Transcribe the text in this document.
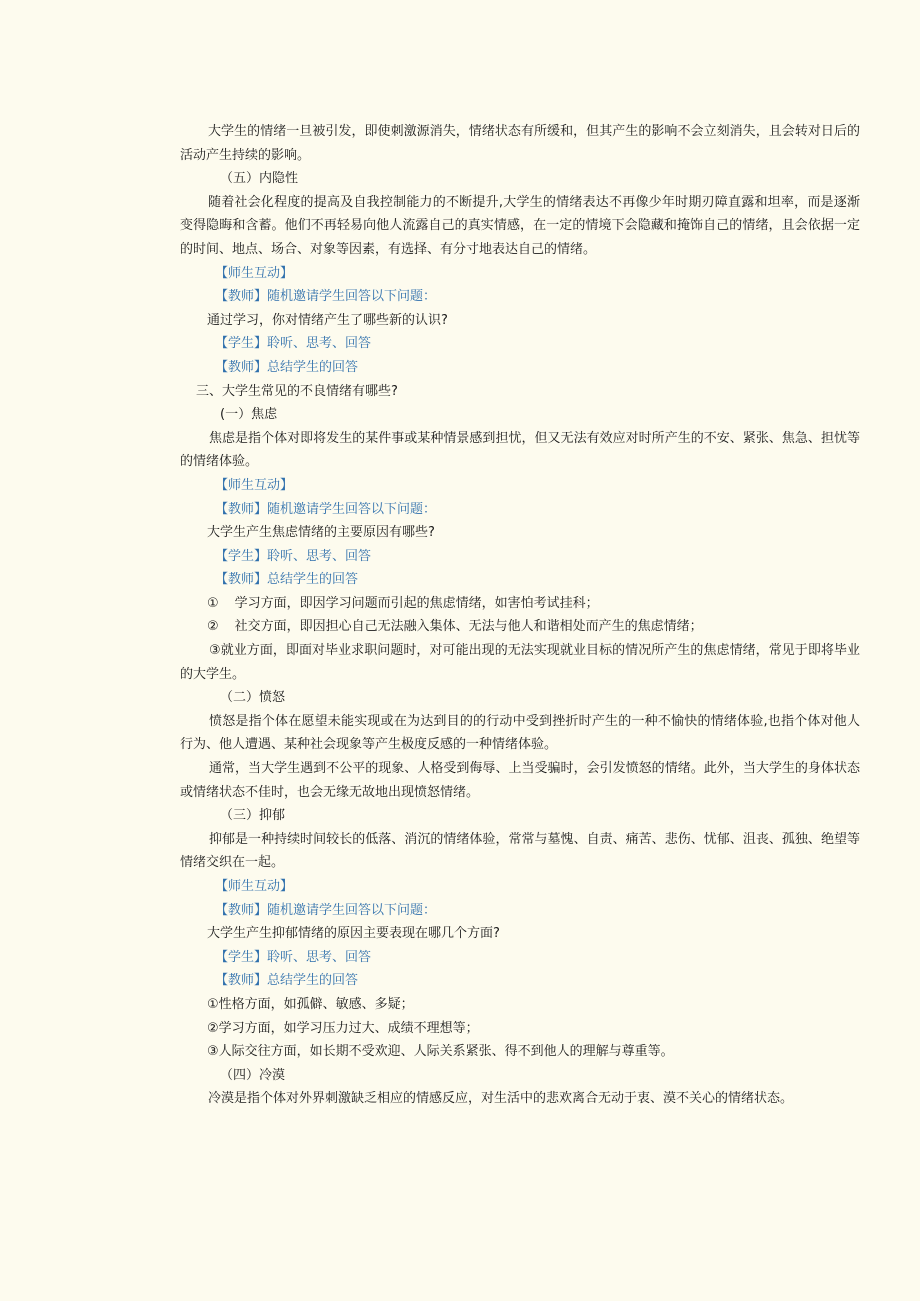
大学生的情绪一旦被引发，即使刺激源消失，情绪状态有所缓和，但其产生的影响不会立刻消失，且会转对日后的活动产生持续的影响。
（五）内隐性
随着社会化程度的提高及自我控制能力的不断提升,大学生的情绪表达不再像少年时期刃障直露和坦率，而是逐渐变得隐晦和含蓄。他们不再轻易向他人流露自己的真实情感，在一定的情境下会隐藏和掩饰自己的情绪，且会依据一定的时间、地点、场合、对象等因素，有选择、有分寸地表达自己的情绪。
【师生互动】
【教师】随机邀请学生回答以下问题：
通过学习，你对情绪产生了哪些新的认识?
【学生】聆听、思考、回答
【教师】总结学生的回答
三、大学生常见的不良情绪有哪些?
(一）焦虑
焦虑是指个体对即将发生的某件事或某种情景感到担忧，但又无法有效应对时所产生的不安、紧张、焦急、担忧等的情绪体验。
【师生互动】
【教师】随机邀请学生回答以下问题：
大学生产生焦虑情绪的主要原因有哪些?
【学生】聆听、思考、回答
【教师】总结学生的回答
① 学习方面，即因学习问题而引起的焦虑情绪，如害怕考试挂科；
② 社交方面，即因担心自己无法融入集体、无法与他人和谐相处而产生的焦虑情绪；
③就业方面，即面对毕业求职问题时，对可能出现的无法实现就业目标的情况所产生的焦虑情绪，常见于即将毕业的大学生。
（二）愤怒
愤怒是指个体在愿望未能实现或在为达到目的的行动中受到挫折时产生的一种不愉快的情绪体验,也指个体对他人行为、他人遭遇、某种社会现象等产生极度反感的一种情绪体验。
通常，当大学生遇到不公平的现象、人格受到侮辱、上当受骗时，会引发愤怒的情绪。此外，当大学生的身体状态或情绪状态不佳时，也会无缘无故地出现愤怒情绪。
（三）抑郁
抑郁是一种持续时间较长的低落、消沉的情绪体验，常常与墓愧、自责、痛苦、悲伤、忧郁、沮丧、孤独、绝望等情绪交织在一起。
【师生互动】
【教师】随机邀请学生回答以下问题：
大学生产生抑郁情绪的原因主要表现在哪几个方面?
【学生】聆听、思考、回答
【教师】总结学生的回答
①性格方面，如孤僻、敏感、多疑；
②学习方面，如学习压力过大、成绩不理想等；
③人际交往方面，如长期不受欢迎、人际关系紧张、得不到他人的理解与尊重等。
（四）冷漠
冷漠是指个体对外界刺激缺乏相应的情感反应，对生活中的悲欢离合无动于衷、漠不关心的情绪状态。
